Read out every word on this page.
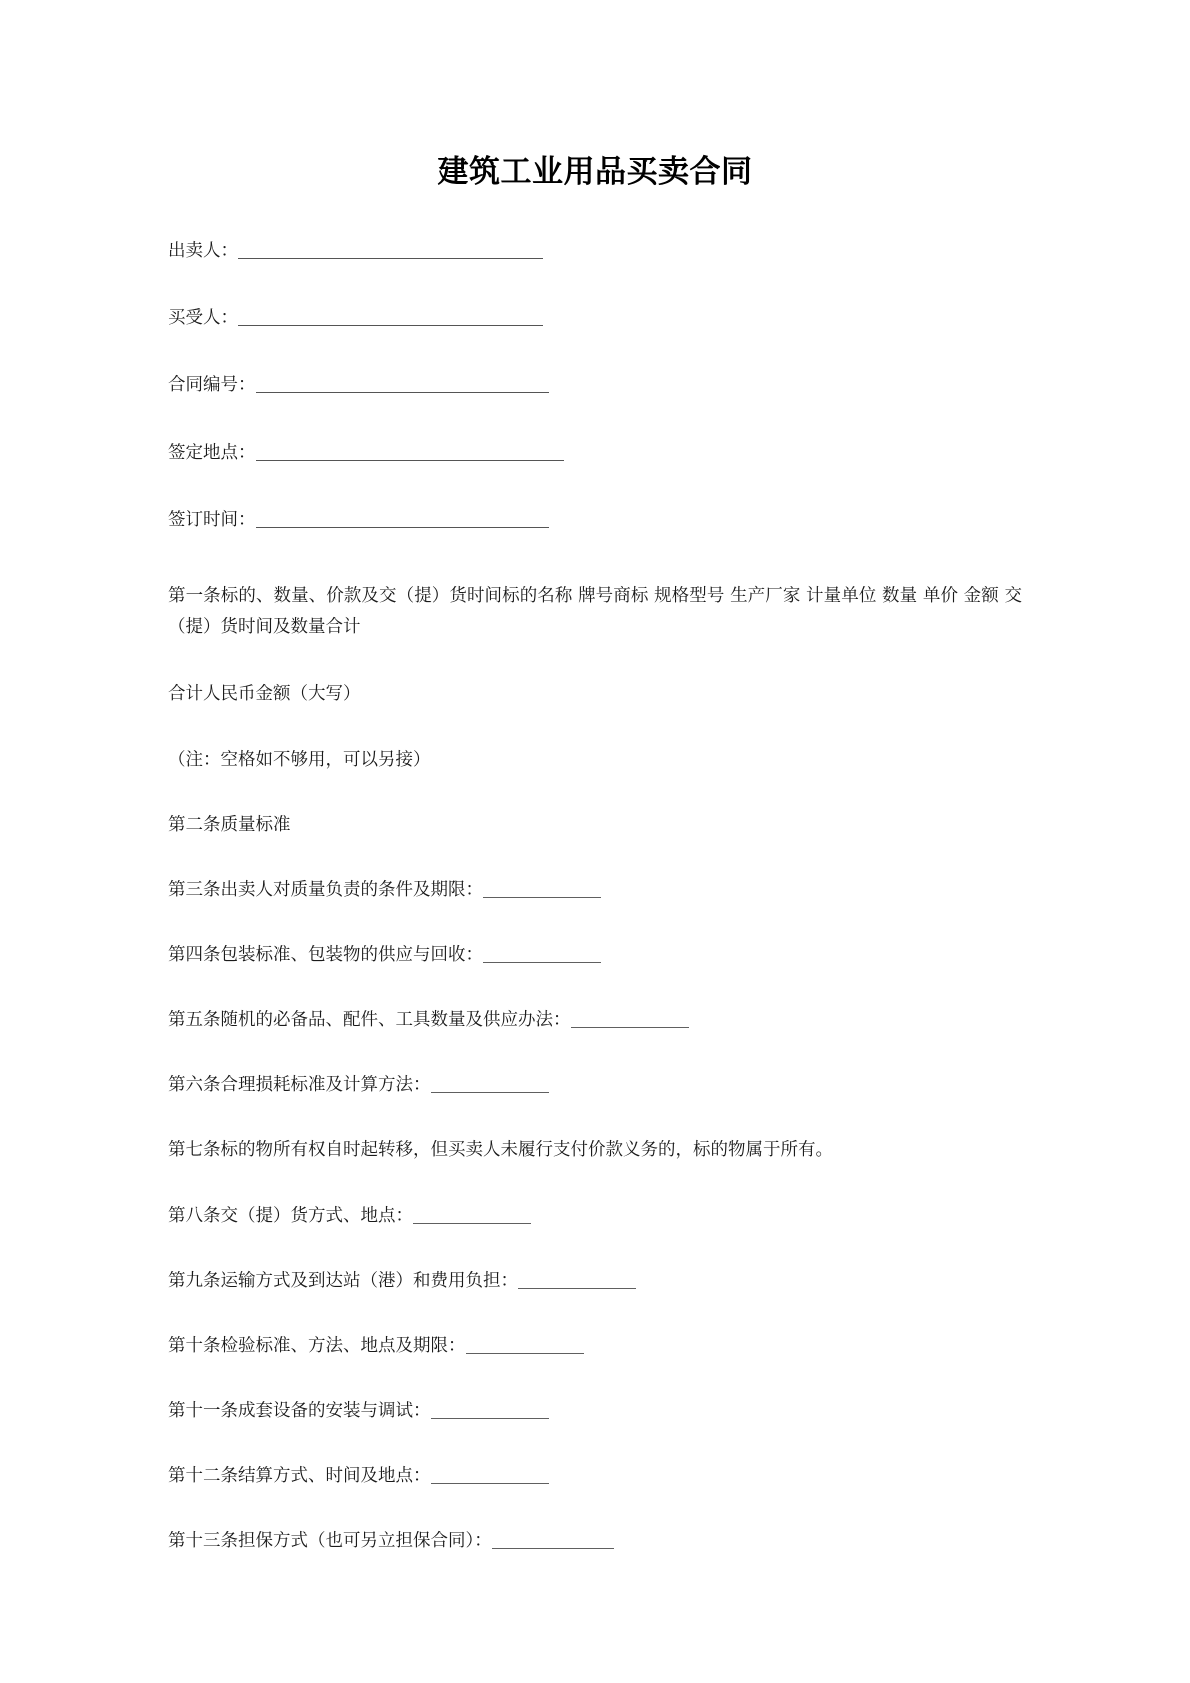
建筑工业用品买卖合同
出卖人：
买受人：
合同编号：
签定地点：
签订时间：

第一条标的、数量、价款及交（提）货时间标的名称 牌号商标 规格型号 生产厂家 计量单位 数量 单价 金额 交（提）货时间及数量合计

合计人民币金额（大写）

（注：空格如不够用，可以另接）

第二条质量标准

第三条出卖人对质量负责的条件及期限：

第四条包装标准、包装物的供应与回收：

第五条随机的必备品、配件、工具数量及供应办法：

第六条合理损耗标准及计算方法：

第七条标的物所有权自时起转移，但买卖人未履行支付价款义务的，标的物属于所有。

第八条交（提）货方式、地点：

第九条运输方式及到达站（港）和费用负担：

第十条检验标准、方法、地点及期限：

第十一条成套设备的安装与调试：

第十二条结算方式、时间及地点：

第十三条担保方式（也可另立担保合同）：
